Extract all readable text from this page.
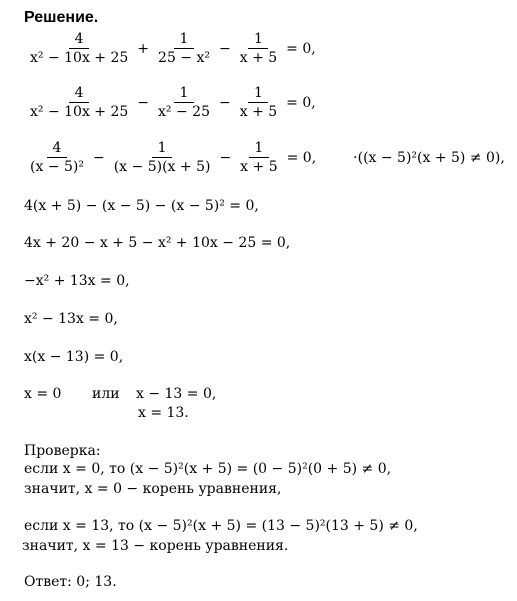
Решение.
$\frac{4}{\text{x² − 10x + 25}} + \frac{1}{\text{25 − x²}} - \frac{1}{x + 5} = 0$,
$\frac{4}{\text{x² − 10x + 25}} - \frac{1}{\text{x² − 25}} - \frac{1}{x + 5} = 0$,
$\frac{4}{\text{(x − 5)²}} - \frac{1}{(x - 5)(x + 5)} - \frac{1}{x + 5} = 0$,	·((x − 5)²(x + 5) ≠ 0),
4(x + 5) − (x − 5) − (x − 5)² = 0,
4x + 20 − x + 5 − x² + 10x − 25 = 0,
−x² + 13x = 0,
x² − 13x = 0,
x(x − 13) = 0,
x = 0 или x − 13 = 0,
x = 13.
Проверка:
если x = 0, то (x − 5)²(x + 5) = (0 − 5)²(0 + 5) ≠ 0,
значит, x = 0 − корень уравнения,
если x = 13, то (x − 5)²(x + 5) = (13 − 5)²(13 + 5) ≠ 0,
значит, x = 13 − корень уравнения.
Ответ: 0; 13.
